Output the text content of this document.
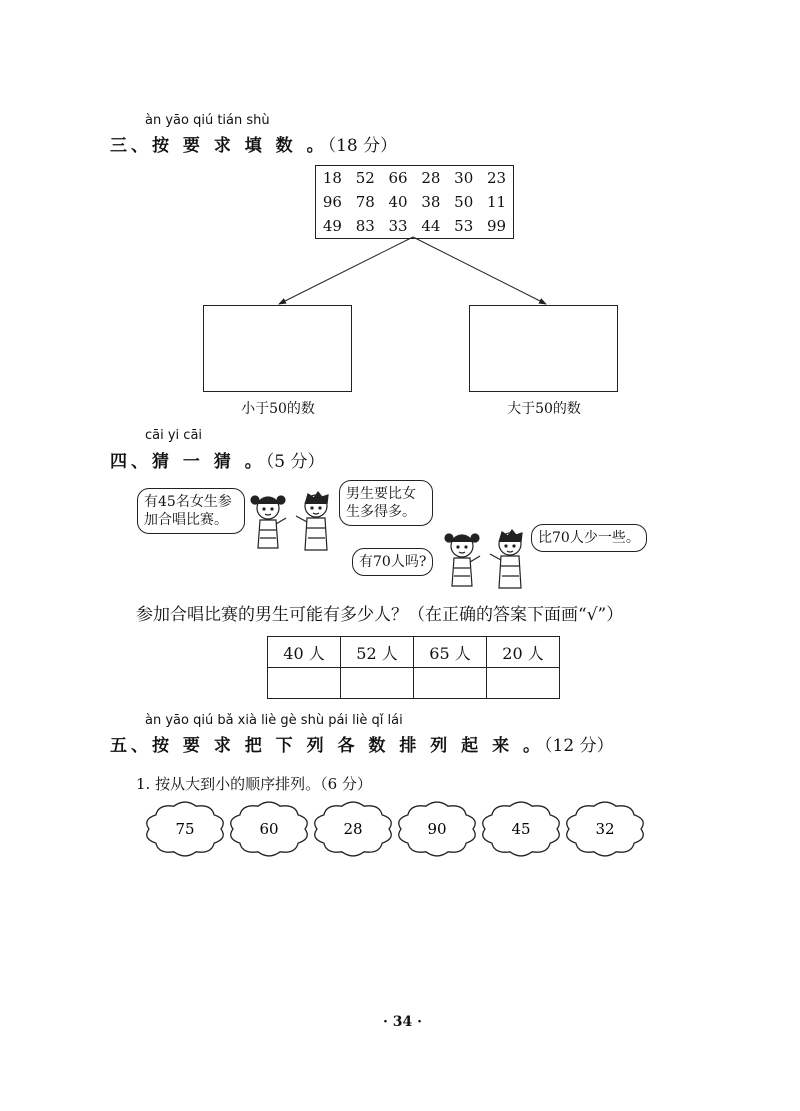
àn yāo qiú tián shù
三、按 要 求 填 数 。（18 分）
18	52	66	28	30	23
96	78	40	38	50	11
49	83	33	44	53	99
小于50的数	大于50的数
cāi yi cāi
四、猜 一 猜 。（5 分）
有45名女生参
加合唱比赛。
男生要比女
生多得多。
有70人吗?
比70人少一些。
参加合唱比赛的男生可能有多少人？（在正确的答案下面画“√”）
40 人	52 人	65 人	20 人

àn yāo qiú bǎ xià liè gè shù pái liè qǐ lái
五、按 要 求 把 下 列 各 数 排 列 起 来 。（12 分）
1. 按从大到小的顺序排列。（6 分）
75	60	28	90	45	32
· 34 ·
